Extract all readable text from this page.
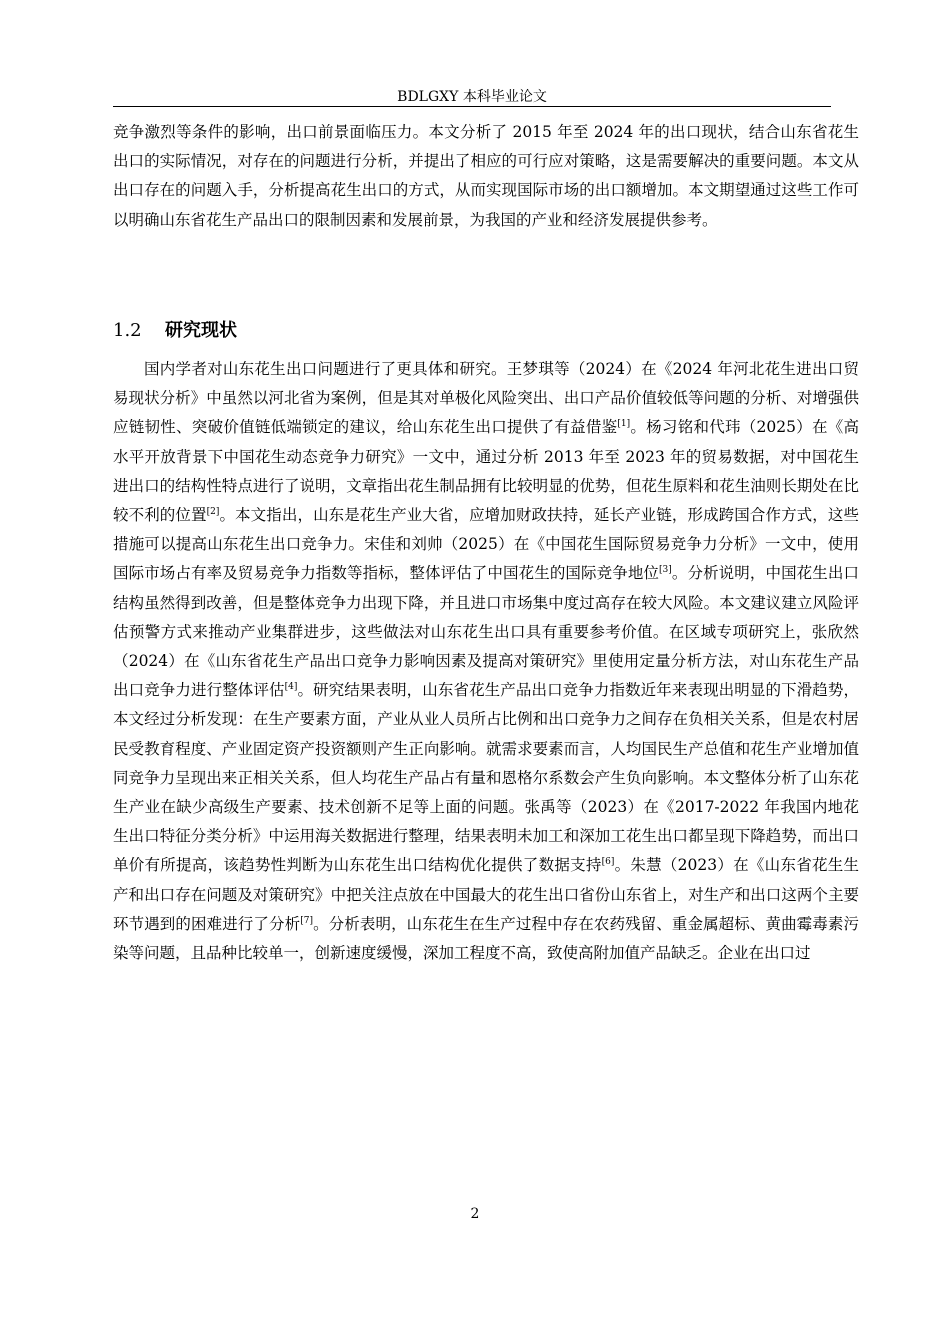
BDLGXY 本科毕业论文

竞争激烈等条件的影响，出口前景面临压力。本文分析了 2015 年至 2024 年的出口现状，结合山东省花生出口的实际情况，对存在的问题进行分析，并提出了相应的可行应对策略，这是需要解决的重要问题。本文从出口存在的问题入手，分析提高花生出口的方式，从而实现国际市场的出口额增加。本文期望通过这些工作可以明确山东省花生产品出口的限制因素和发展前景，为我国的产业和经济发展提供参考。

1.2 研究现状

国内学者对山东花生出口问题进行了更具体和研究。王梦琪等（2024）在《2024 年河北花生进出口贸易现状分析》中虽然以河北省为案例，但是其对单极化风险突出、出口产品价值较低等问题的分析、对增强供应链韧性、突破价值链低端锁定的建议，给山东花生出口提供了有益借鉴[1]。杨习铭和代玮（2025）在《高水平开放背景下中国花生动态竞争力研究》一文中，通过分析 2013 年至 2023 年的贸易数据，对中国花生进出口的结构性特点进行了说明，文章指出花生制品拥有比较明显的优势，但花生原料和花生油则长期处在比较不利的位置[2]。本文指出，山东是花生产业大省，应增加财政扶持，延长产业链，形成跨国合作方式，这些措施可以提高山东花生出口竞争力。宋佳和刘帅（2025）在《中国花生国际贸易竞争力分析》一文中，使用国际市场占有率及贸易竞争力指数等指标，整体评估了中国花生的国际竞争地位[3]。分析说明，中国花生出口结构虽然得到改善，但是整体竞争力出现下降，并且进口市场集中度过高存在较大风险。本文建议建立风险评估预警方式来推动产业集群进步，这些做法对山东花生出口具有重要参考价值。在区域专项研究上，张欣然（2024）在《山东省花生产品出口竞争力影响因素及提高对策研究》里使用定量分析方法，对山东花生产品出口竞争力进行整体评估[4]。研究结果表明，山东省花生产品出口竞争力指数近年来表现出明显的下滑趋势，本文经过分析发现：在生产要素方面，产业从业人员所占比例和出口竞争力之间存在负相关关系，但是农村居民受教育程度、产业固定资产投资额则产生正向影响。就需求要素而言，人均国民生产总值和花生产业增加值同竞争力呈现出来正相关关系，但人均花生产品占有量和恩格尔系数会产生负向影响。本文整体分析了山东花生产业在缺少高级生产要素、技术创新不足等上面的问题。张禹等（2023）在《2017-2022 年我国内地花生出口特征分类分析》中运用海关数据进行整理，结果表明未加工和深加工花生出口都呈现下降趋势，而出口单价有所提高，该趋势性判断为山东花生出口结构优化提供了数据支持[6]。朱慧（2023）在《山东省花生生产和出口存在问题及对策研究》中把关注点放在中国最大的花生出口省份山东省上，对生产和出口这两个主要环节遇到的困难进行了分析[7]。分析表明，山东花生在生产过程中存在农药残留、重金属超标、黄曲霉毒素污染等问题，且品种比较单一，创新速度缓慢，深加工程度不高，致使高附加值产品缺乏。企业在出口过

2
